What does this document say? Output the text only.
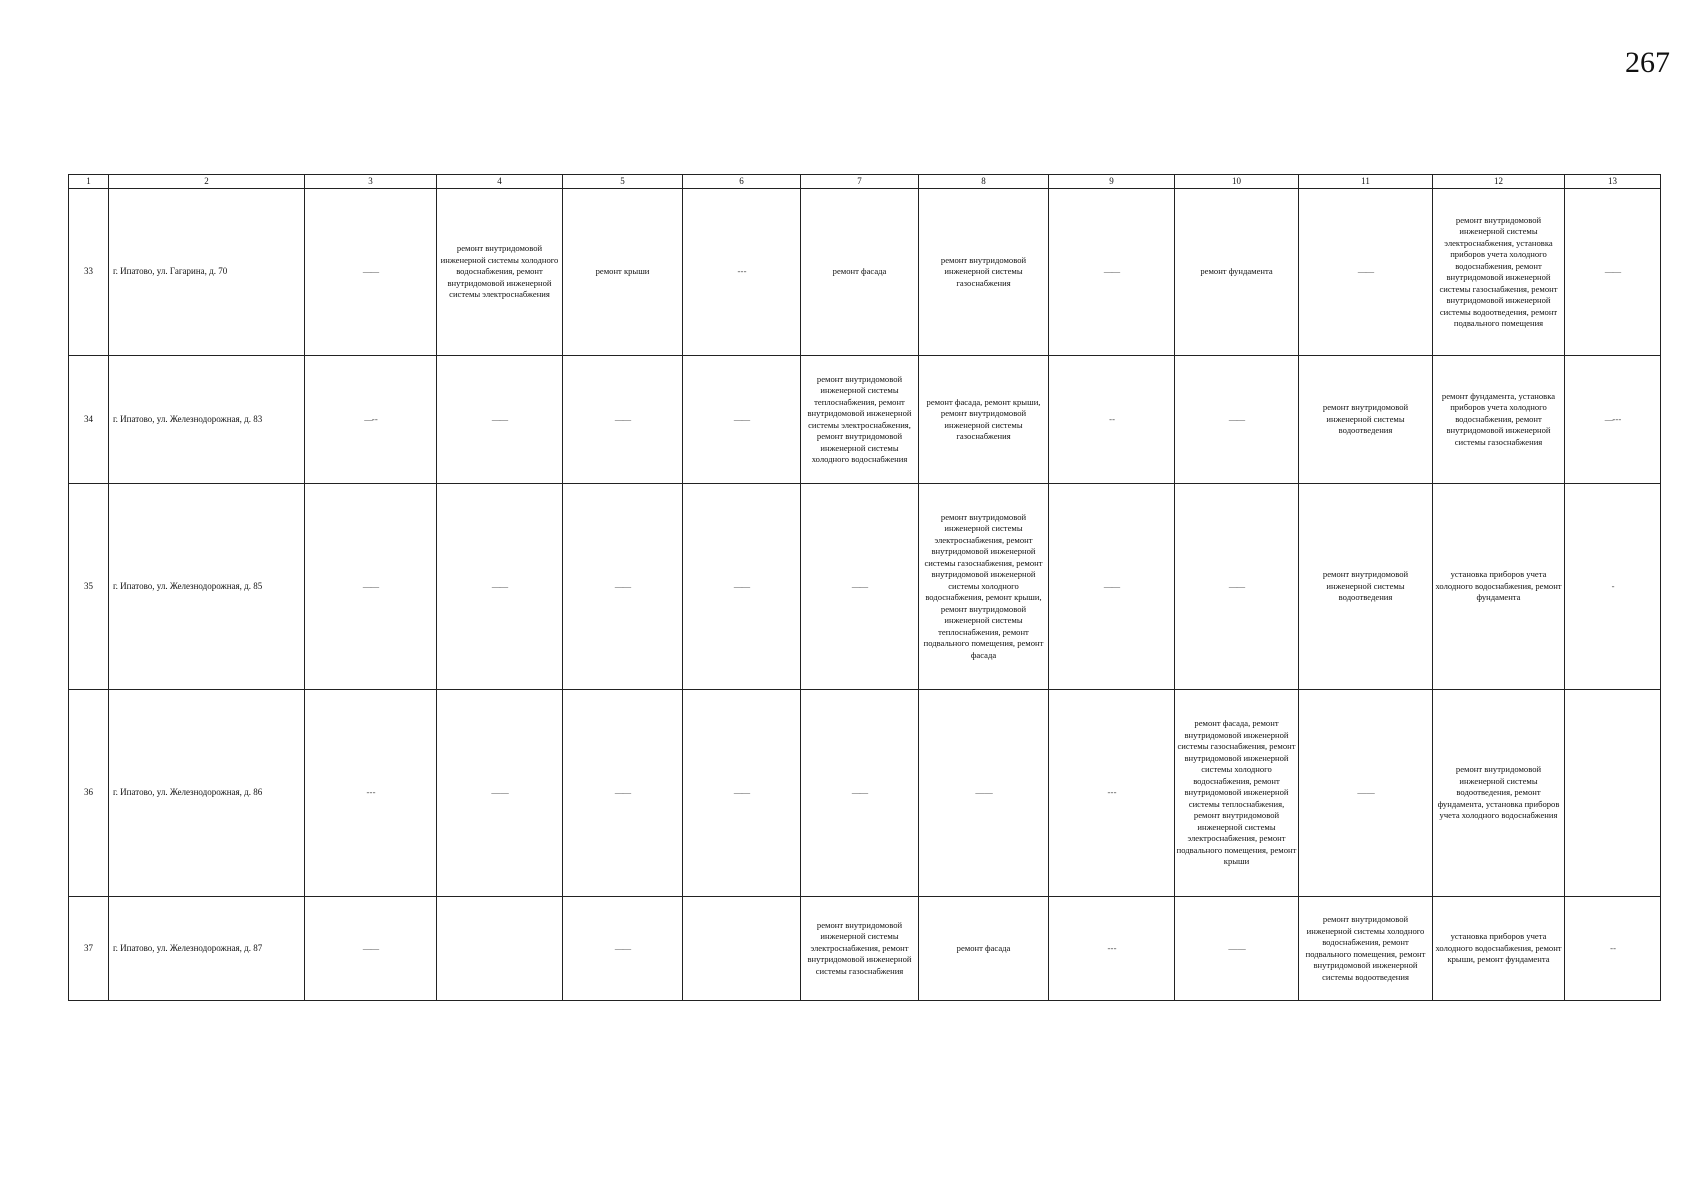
267
1	2	3	4	5	6	7	8	9	10	11	12	13
33	г. Ипатово, ул. Гагарина, д. 70	——	ремонт внутридомовой инженерной системы холодного водоснабжения, ремонт внутридомовой инженерной системы электроснабжения	ремонт крыши	- - -	ремонт фасада	ремонт внутридомовой инженерной системы газоснабжения	——	ремонт фундамента	——	ремонт внутридомовой инженерной системы электроснабжения, установка приборов учета холодного водоснабжения, ремонт внутридомовой инженерной системы газоснабжения, ремонт внутридомовой инженерной системы водоотведения, ремонт подвального помещения	——
34	г. Ипатово, ул. Железнодорожная, д. 83	—- -	——	——	——	ремонт внутридомовой инженерной системы теплоснабжения, ремонт внутридомовой инженерной системы электроснабжения, ремонт внутридомовой инженерной системы холодного водоснабжения	ремонт фасада, ремонт крыши, ремонт внутридомовой инженерной системы газоснабжения	- -	——	ремонт внутридомовой инженерной системы водоотведения	ремонт фундамента, установка приборов учета холодного водоснабжения, ремонт внутридомовой инженерной системы газоснабжения	—- - -
35	г. Ипатово, ул. Железнодорожная, д. 85	——	——	——	——	——	ремонт внутридомовой инженерной системы электроснабжения, ремонт внутридомовой инженерной системы газоснабжения, ремонт внутридомовой инженерной системы холодного водоснабжения, ремонт крыши, ремонт внутридомовой инженерной системы теплоснабжения, ремонт подвального помещения, ремонт фасада	——	——	ремонт внутридомовой инженерной системы водоотведения	установка приборов учета холодного водоснабжения, ремонт фундамента	-
36	г. Ипатово, ул. Железнодорожная, д. 86	- - -	— —	——	——	——	— —	- - -	ремонт фасада, ремонт внутридомовой инженерной системы газоснабжения, ремонт внутридомовой инженерной системы холодного водоснабжения, ремонт внутридомовой инженерной системы теплоснабжения, ремонт внутридомовой инженерной системы электроснабжения, ремонт подвального помещения, ремонт крыши	— —	ремонт внутридомовой инженерной системы водоотведения, ремонт фундамента, установка приборов учета холодного водоснабжения	
37	г. Ипатово, ул. Железнодорожная, д. 87	——		——		ремонт внутридомовой инженерной системы электроснабжения, ремонт внутридомовой инженерной системы газоснабжения	ремонт фасада	- - -	— —	ремонт внутридомовой инженерной системы холодного водоснабжения, ремонт подвального помещения, ремонт внутридомовой инженерной системы водоотведения	установка приборов учета холодного водоснабжения, ремонт крыши, ремонт фундамента	- -
